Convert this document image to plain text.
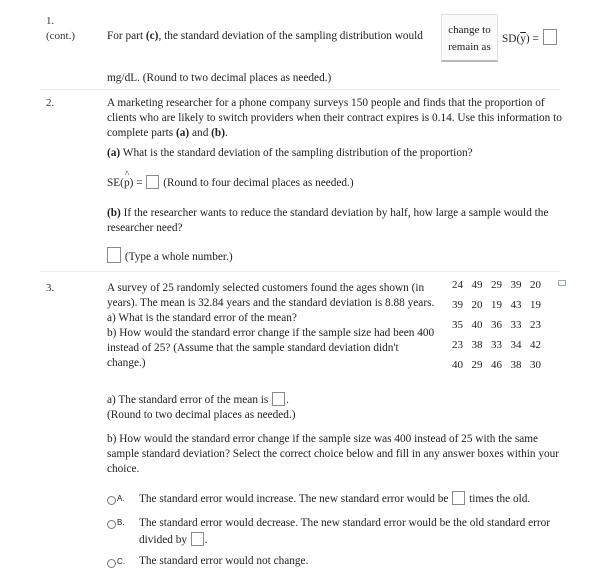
1.
(cont.)	For part (c), the standard deviation of the sampling distribution would	change to
remain as
$SD(\overline{y})$ =
mg/dL. (Round to two decimal places as needed.)
2.	A marketing researcher for a phone company surveys 150 people and finds that the proportion of clients who are likely to switch providers when their contract expires is 0.14. Use this information to complete parts (a) and (b).
(a) What is the standard deviation of the sampling distribution of the proportion?
SE(^ p) = (Round to four decimal places as needed.)
(b) If the researcher wants to reduce the standard deviation by half, how large a sample would the researcher need?
(Type a whole number.)
3.	A survey of 25 randomly selected customers found the ages shown (in years). The mean is 32.84 years and the standard deviation is 8.88 years.
a) What is the standard error of the mean?
b) How would the standard error change if the sample size had been 400 instead of 25? (Assume that the sample standard deviation didn't change.)
24 49 29 39 20
39 20 19 43 19
35 40 36 33 23
23 38 33 34 42
40 29 46 38 30
a) The standard error of the mean is .
(Round to two decimal places as needed.)
b) How would the standard error change if the sample size was 400 instead of 25 with the same sample standard deviation? Select the correct choice below and fill in any answer boxes within your choice.
$^{A.}$ The standard error would increase. The new standard error would be times the old.
$^{B.}$ The standard error would decrease. The new standard error would be the old standard error divided by .
$^{C.}$ The standard error would not change.
